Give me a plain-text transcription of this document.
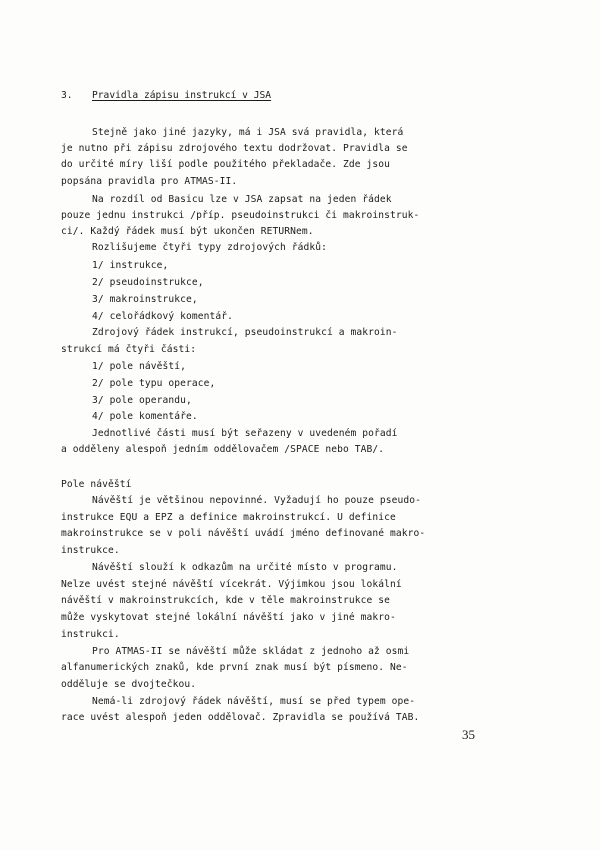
3. Pravidla zápisu instrukcí v JSA
Stejně jako jiné jazyky, má i JSA svá pravidla, která
je nutno při zápisu zdrojového textu dodržovat. Pravidla se
do určité míry liší podle použitého překladače. Zde jsou
popsána pravidla pro ATMAS-II.
Na rozdíl od Basicu lze v JSA zapsat na jeden řádek
pouze jednu instrukci /příp. pseudoinstrukci či makroinstruk-
ci/. Každý řádek musí být ukončen RETURNem.
Rozlišujeme čtyři typy zdrojových řádků:
1/ instrukce,
2/ pseudoinstrukce,
3/ makroinstrukce,
4/ celořádkový komentář.
Zdrojový řádek instrukcí, pseudoinstrukcí a makroin-
strukcí má čtyři části:
1/ pole návěští,
2/ pole typu operace,
3/ pole operandu,
4/ pole komentáře.
Jednotlivé části musí být seřazeny v uvedeném pořadí
a odděleny alespoň jedním oddělovačem /SPACE nebo TAB/.
Pole návěští
Návěští je většinou nepovinné. Vyžadují ho pouze pseudo-
instrukce EQU a EPZ a definice makroinstrukcí. U definice
makroinstrukce se v poli návěští uvádí jméno definované makro-
instrukce.
Návěští slouží k odkazům na určité místo v programu.
Nelze uvést stejné návěští vícekrát. Výjimkou jsou lokální
návěští v makroinstrukcích, kde v těle makroinstrukce se
může vyskytovat stejné lokální návěští jako v jiné makro-
instrukci.
Pro ATMAS-II se návěští může skládat z jednoho až osmi
alfanumerických znaků, kde první znak musí být písmeno. Ne-
odděluje se dvojtečkou.
Nemá-li zdrojový řádek návěští, musí se před typem ope-
race uvést alespoň jeden oddělovač. Zpravidla se používá TAB.
35
